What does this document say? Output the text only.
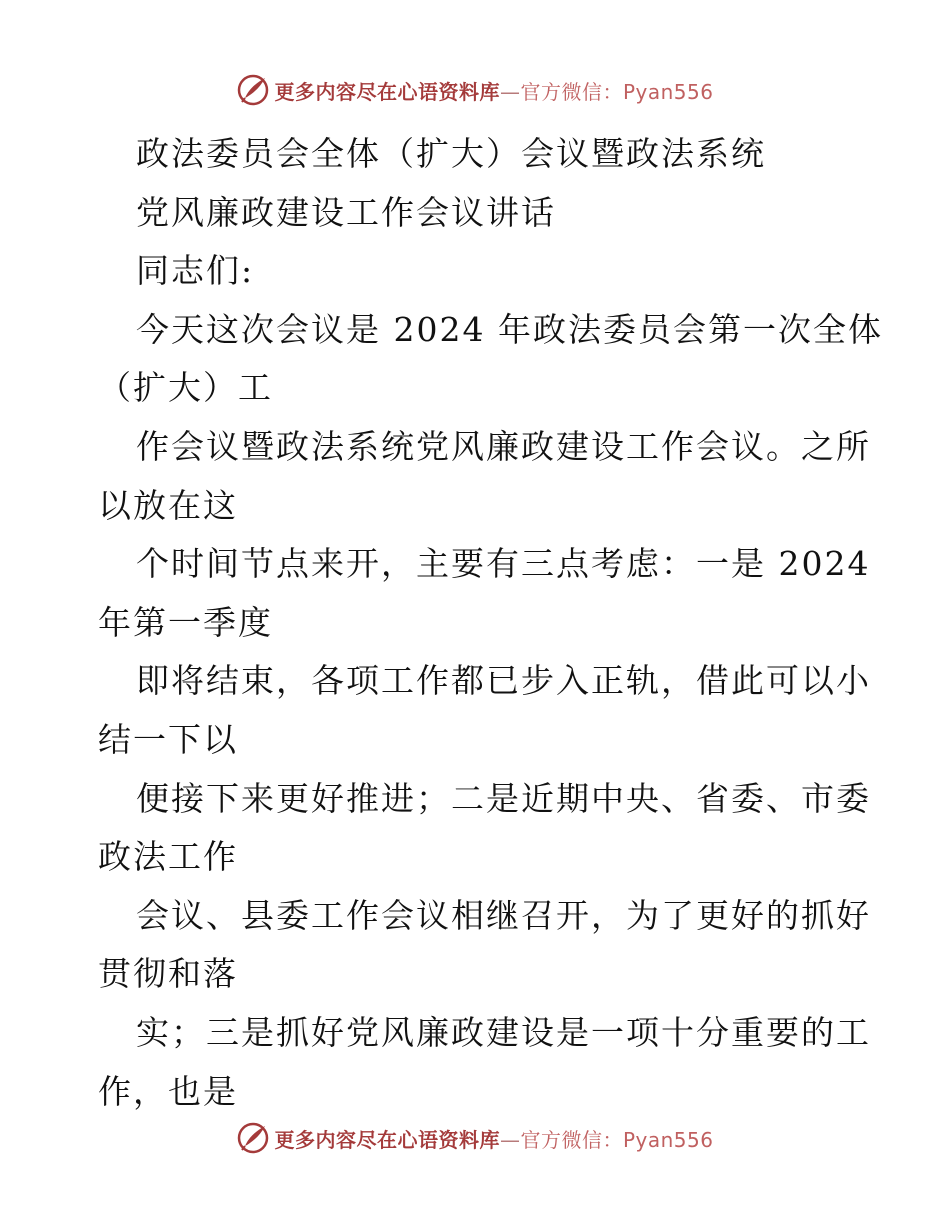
更多内容尽在心语资料库—官方微信：Pyan556
政法委员会全体（扩大）会议暨政法系统
党风廉政建设工作会议讲话
同志们:
今天这次会议是 2024 年政法委员会第一次全体
（扩大）工
作会议暨政法系统党风廉政建设工作会议。之所
以放在这
个时间节点来开，主要有三点考虑：一是 2024
年第一季度
即将结束，各项工作都已步入正轨，借此可以小
结一下以
便接下来更好推进；二是近期中央、省委、市委
政法工作
会议、县委工作会议相继召开，为了更好的抓好
贯彻和落
实；三是抓好党风廉政建设是一项十分重要的工
作，也是
更多内容尽在心语资料库—官方微信：Pyan556
